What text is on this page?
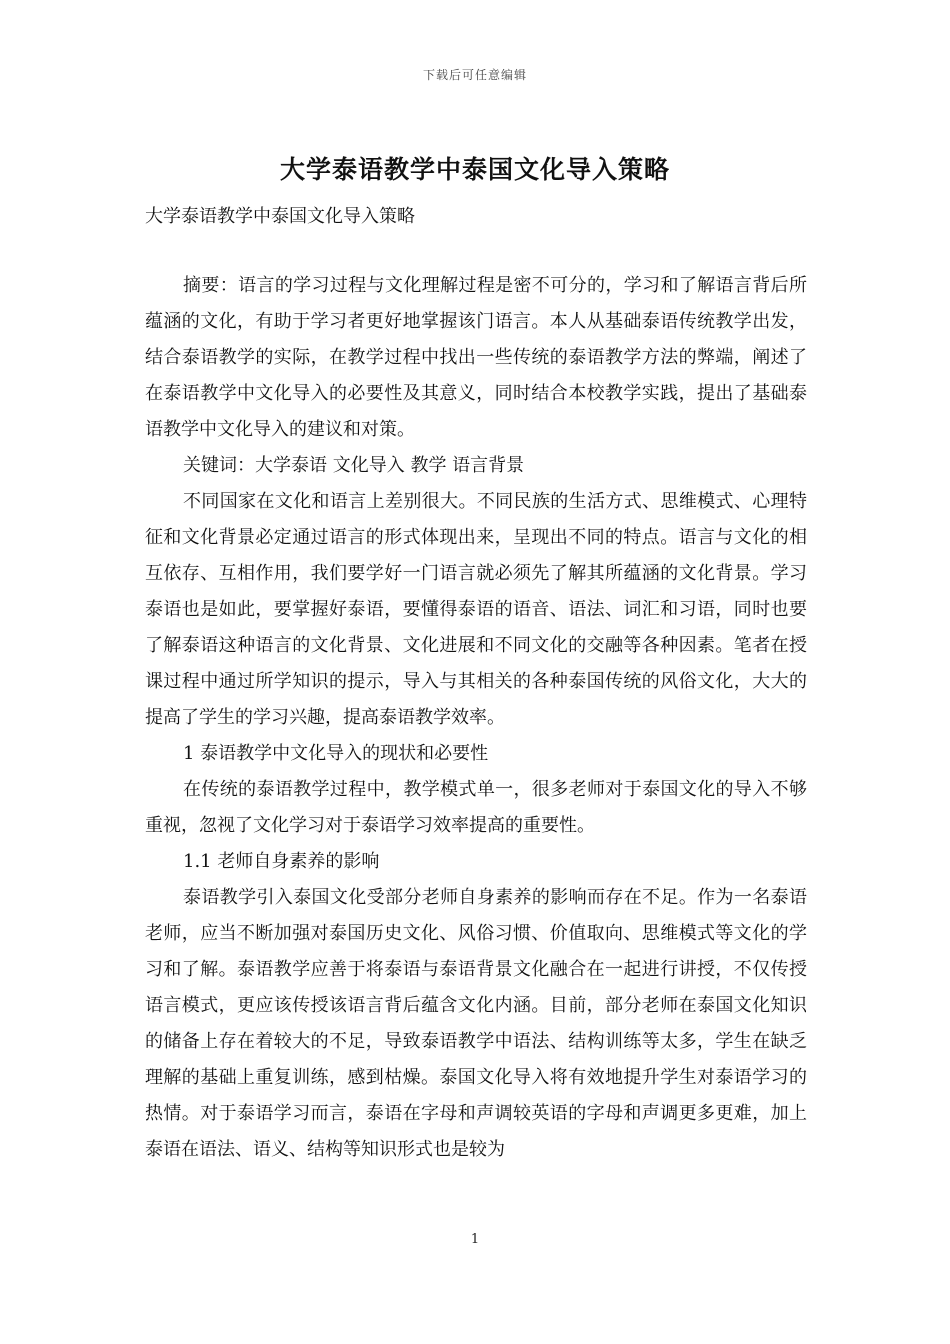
下载后可任意编辑
大学泰语教学中泰国文化导入策略

大学泰语教学中泰国文化导入策略

摘要：语言的学习过程与文化理解过程是密不可分的，学习和了解语言背后所蕴涵的文化，有助于学习者更好地掌握该门语言。本人从基础泰语传统教学出发，结合泰语教学的实际，在教学过程中找出一些传统的泰语教学方法的弊端，阐述了在泰语教学中文化导入的必要性及其意义，同时结合本校教学实践，提出了基础泰语教学中文化导入的建议和对策。

关键词：大学泰语 文化导入 教学 语言背景

不同国家在文化和语言上差别很大。不同民族的生活方式、思维模式、心理特征和文化背景必定通过语言的形式体现出来，呈现出不同的特点。语言与文化的相互依存、互相作用，我们要学好一门语言就必须先了解其所蕴涵的文化背景。学习泰语也是如此，要掌握好泰语，要懂得泰语的语音、语法、词汇和习语，同时也要了解泰语这种语言的文化背景、文化进展和不同文化的交融等各种因素。笔者在授课过程中通过所学知识的提示，导入与其相关的各种泰国传统的风俗文化，大大的提高了学生的学习兴趣，提高泰语教学效率。

1 泰语教学中文化导入的现状和必要性

在传统的泰语教学过程中，教学模式单一，很多老师对于泰国文化的导入不够重视，忽视了文化学习对于泰语学习效率提高的重要性。

1.1 老师自身素养的影响

泰语教学引入泰国文化受部分老师自身素养的影响而存在不足。作为一名泰语老师，应当不断加强对泰国历史文化、风俗习惯、价值取向、思维模式等文化的学习和了解。泰语教学应善于将泰语与泰语背景文化融合在一起进行讲授，不仅传授语言模式，更应该传授该语言背后蕴含文化内涵。目前，部分老师在泰国文化知识的储备上存在着较大的不足，导致泰语教学中语法、结构训练等太多，学生在缺乏理解的基础上重复训练，感到枯燥。泰国文化导入将有效地提升学生对泰语学习的热情。对于泰语学习而言，泰语在字母和声调较英语的字母和声调更多更难，加上泰语在语法、语义、结构等知识形式也是较为

1
